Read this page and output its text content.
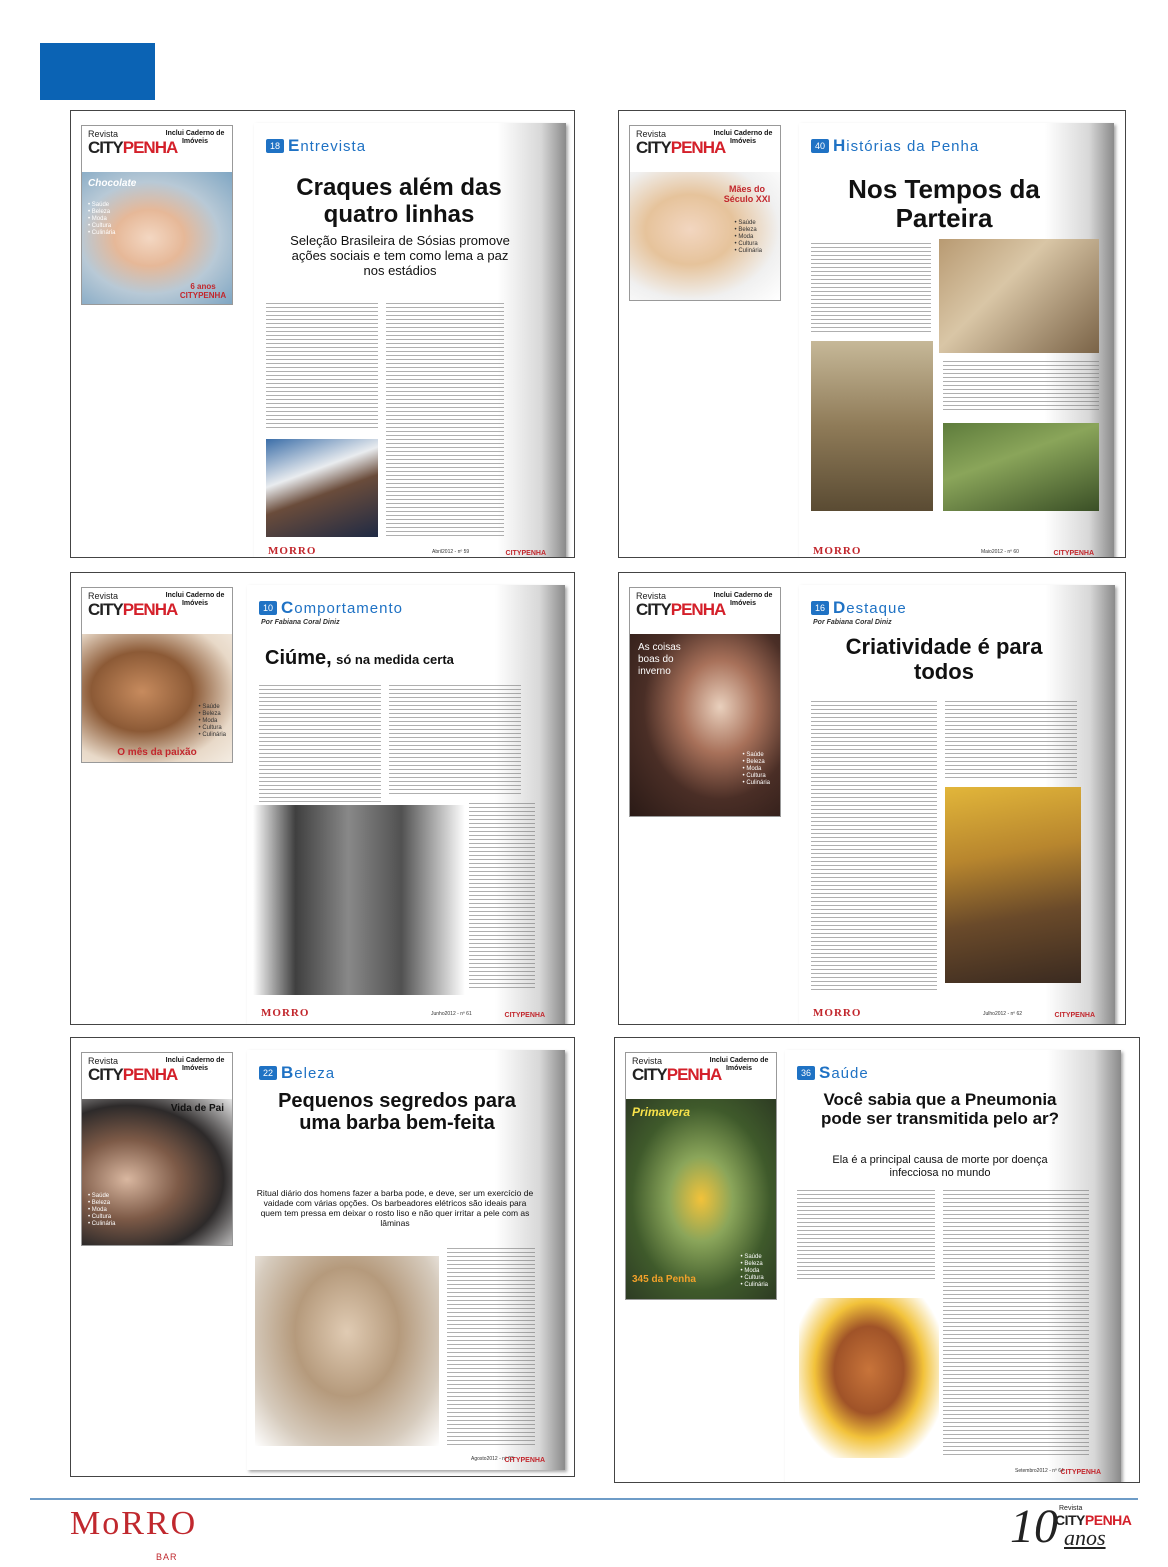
Revista
CITYPENHA
Inclui Caderno de Imóveis
Chocolate
• Saúde
• Beleza
• Moda
• Cultura
• Culinária
6 anos CITYPENHA
18 Entrevista
Craques além das quatro linhas
Seleção Brasileira de Sósias promove ações sociais e tem como lema a paz nos estádios
MORRO	Abril2012 - nº 59	CITYPENHA
Revista
CITYPENHA
Inclui Caderno de Imóveis
Mães do Século XXI
• Saúde
• Beleza
• Moda
• Cultura
• Culinária
40 Histórias da Penha
Nos Tempos da Parteira
MORRO	Maio2012 - nº 60	CITYPENHA
Revista
CITYPENHA
Inclui Caderno de Imóveis
• Saúde
• Beleza
• Moda
• Cultura
• Culinária
O mês da paixão
10 Comportamento
Por Fabiana Coral Diniz
Ciúme, só na medida certa
MORRO	Junho2012 - nº 61	CITYPENHA
Revista
CITYPENHA
Inclui Caderno de Imóveis
As coisas boas do inverno
• Saúde
• Beleza
• Moda
• Cultura
• Culinária
16 Destaque
Por Fabiana Coral Diniz
Criatividade é para todos
MORRO	Julho2012 - nº 62	CITYPENHA
Revista
CITYPENHA
Inclui Caderno de Imóveis
Vida de Pai
• Saúde
• Beleza
• Moda
• Cultura
• Culinária
22 Beleza
Pequenos segredos para uma barba bem-feita
Ritual diário dos homens fazer a barba pode, e deve, ser um exercício de vaidade com várias opções. Os barbeadores elétricos são ideais para quem tem pressa em deixar o rosto liso e não quer irritar a pele com as lâminas
Agosto2012 - nº 63
CITYPENHA
Revista
CITYPENHA
Inclui Caderno de Imóveis
Primavera
345 da Penha
• Saúde
• Beleza
• Moda
• Cultura
• Culinária
36 Saúde
Você sabia que a Pneumonia pode ser transmitida pelo ar?
Ela é a principal causa de morte por doença infecciosa no mundo
Setembro2012 - nº 64
CITYPENHA
MoRRO
BAR
10 Revista
CITYPENHA
anos
